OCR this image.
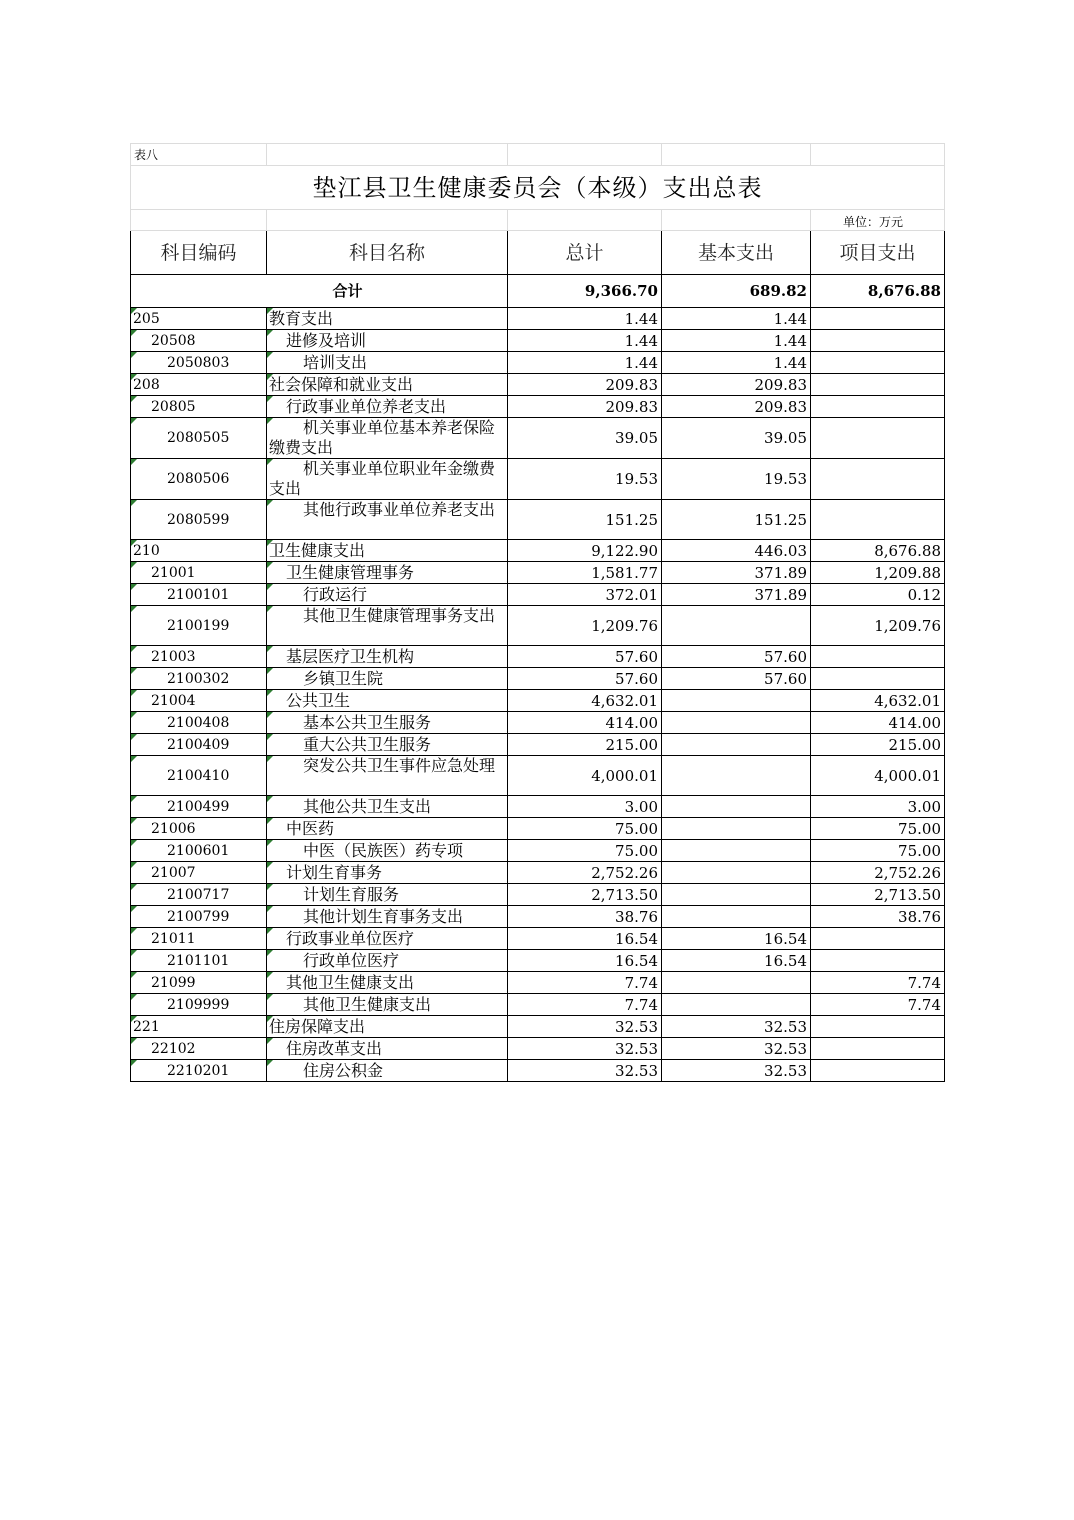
表八				
垫江县卫生健康委员会（本级）支出总表				
				单位：万元
科目编码	科目名称	总计	基本支出	项目支出
合计		9,366.70	689.82	8,676.88

205	教育支出	1.44	1.44	

20508	进修及培训	1.44	1.44	

2050803	培训支出	1.44	1.44	

208	社会保障和就业支出	209.83	209.83	

20805	行政事业单位养老支出	209.83	209.83	

2080505	机关事业单位基本养老保险缴费支出	39.05	39.05	

2080506	机关事业单位职业年金缴费支出	19.53	19.53	

2080599	其他行政事业单位养老支出	151.25	151.25	

210	卫生健康支出	9,122.90	446.03	8,676.88

21001	卫生健康管理事务	1,581.77	371.89	1,209.88

2100101	行政运行	372.01	371.89	0.12

2100199	其他卫生健康管理事务支出	1,209.76		1,209.76

21003	基层医疗卫生机构	57.60	57.60	

2100302	乡镇卫生院	57.60	57.60	

21004	公共卫生	4,632.01		4,632.01

2100408	基本公共卫生服务	414.00		414.00

2100409	重大公共卫生服务	215.00		215.00

2100410	突发公共卫生事件应急处理	4,000.01		4,000.01

2100499	其他公共卫生支出	3.00		3.00

21006	中医药	75.00		75.00

2100601	中医（民族医）药专项	75.00		75.00

21007	计划生育事务	2,752.26		2,752.26

2100717	计划生育服务	2,713.50		2,713.50

2100799	其他计划生育事务支出	38.76		38.76

21011	行政事业单位医疗	16.54	16.54	

2101101	行政单位医疗	16.54	16.54	

21099	其他卫生健康支出	7.74		7.74

2109999	其他卫生健康支出	7.74		7.74

221	住房保障支出	32.53	32.53	

22102	住房改革支出	32.53	32.53	

2210201	住房公积金	32.53	32.53	
